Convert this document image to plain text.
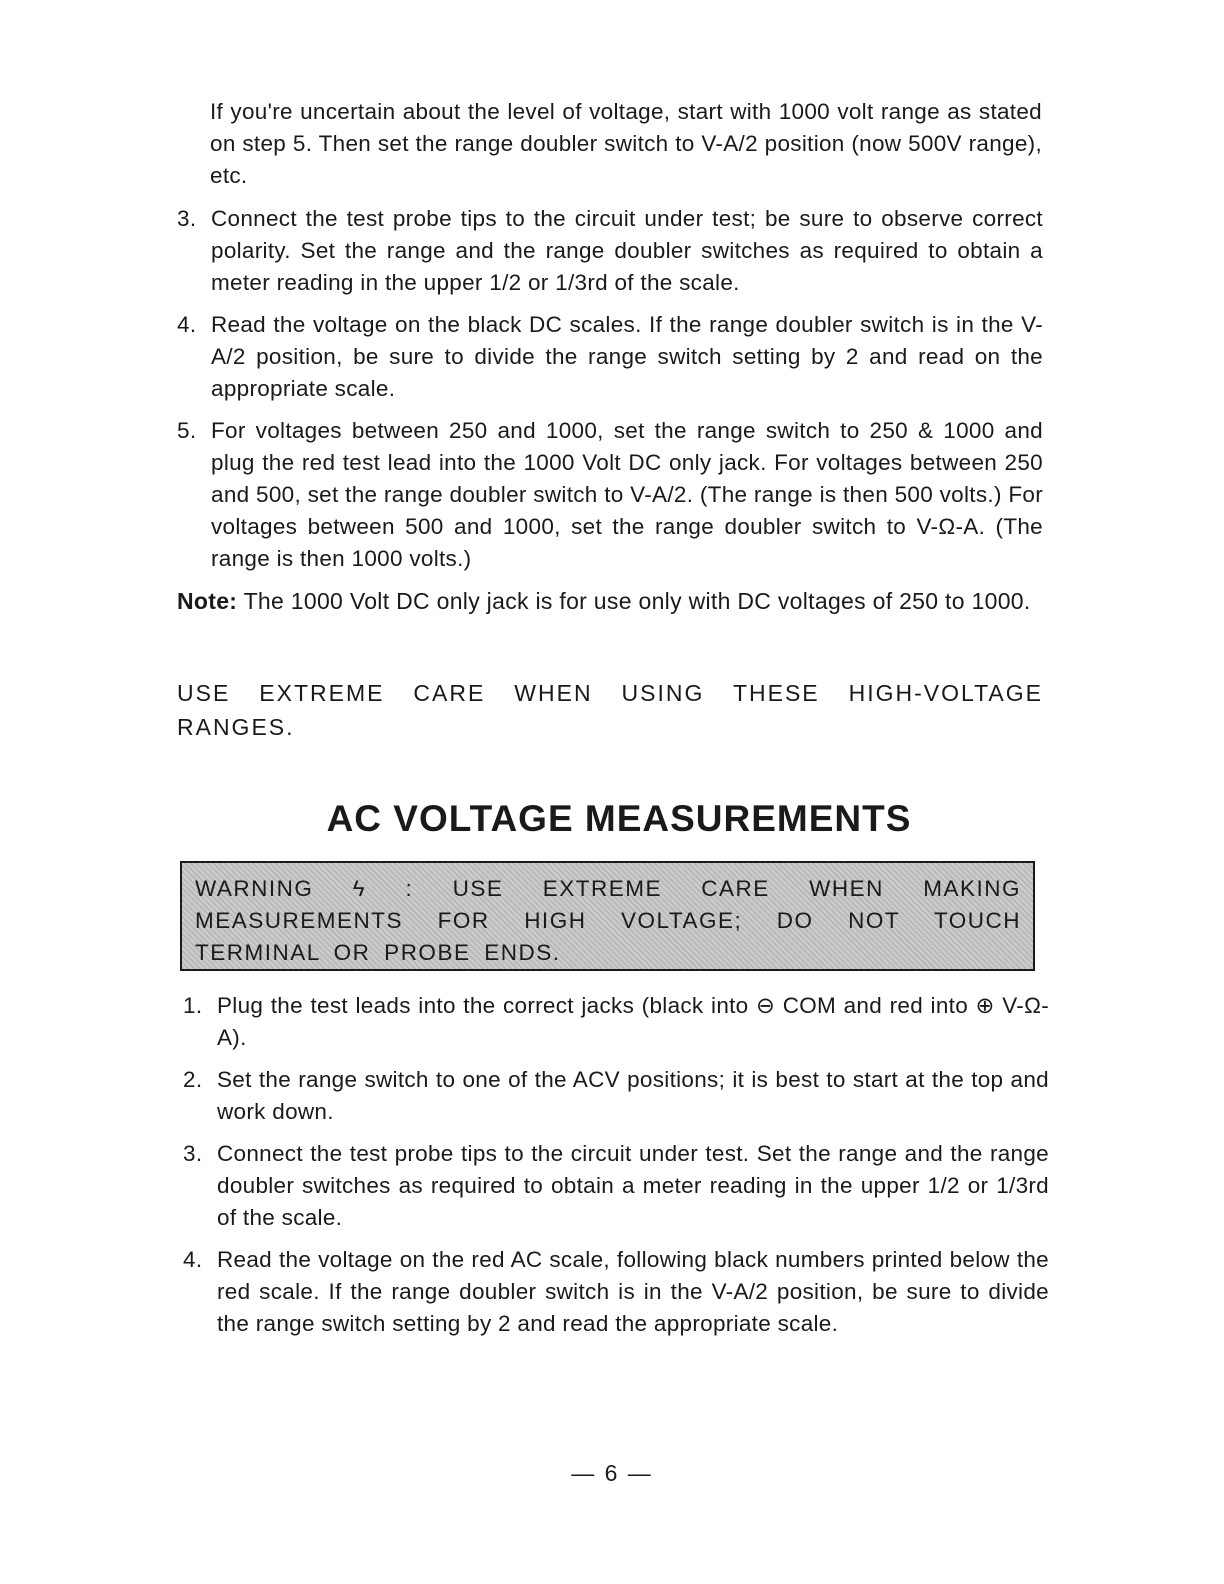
If you're uncertain about the level of voltage, start with 1000 volt range as stated on step 5. Then set the range doubler switch to V-A/2 position (now 500V range), etc.

3. Connect the test probe tips to the circuit under test; be sure to observe correct polarity. Set the range and the range doubler switches as required to obtain a meter reading in the upper 1/2 or 1/3rd of the scale.
4. Read the voltage on the black DC scales. If the range doubler switch is in the V-A/2 position, be sure to divide the range switch setting by 2 and read on the appropriate scale.
5. For voltages between 250 and 1000, set the range switch to 250 & 1000 and plug the red test lead into the 1000 Volt DC only jack. For voltages between 250 and 500, set the range doubler switch to V-A/2. (The range is then 500 volts.) For voltages between 500 and 1000, set the range doubler switch to V-Ω-A. (The range is then 1000 volts.)

Note: The 1000 Volt DC only jack is for use only with DC voltages of 250 to 1000.

USE EXTREME CARE WHEN USING THESE HIGH-VOLTAGE RANGES.

AC VOLTAGE MEASUREMENTS
WARNING ϟ : USE EXTREME CARE WHEN MAKING MEASUREMENTS FOR HIGH VOLTAGE; DO NOT TOUCH TERMINAL OR PROBE ENDS.
1. Plug the test leads into the correct jacks (black into ⊖ COM and red into ⊕ V-Ω-A).
2. Set the range switch to one of the ACV positions; it is best to start at the top and work down.
3. Connect the test probe tips to the circuit under test. Set the range and the range doubler switches as required to obtain a meter reading in the upper 1/2 or 1/3rd of the scale.
4. Read the voltage on the red AC scale, following black numbers printed below the red scale. If the range doubler switch is in the V-A/2 position, be sure to divide the range switch setting by 2 and read the appropriate scale.
— 6 —
